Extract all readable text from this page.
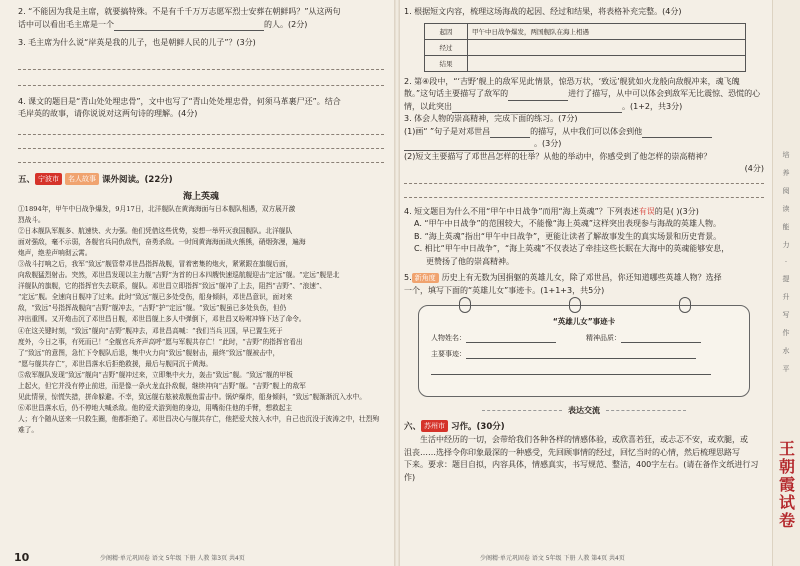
2. “不能因为我是主席，就要搞特殊。不是有千千万万志愿军烈士安葬在朝鲜吗？”从这两句

话中可以看出毛主席是一个	的人。(2分)

3. 毛主席为什么说“岸英是我的儿子，也是朝鲜人民的儿子”？(3分)

4. 课文的题目是“青山处处埋忠骨”，文中也写了“青山处处埋忠骨，何须马革裹尸还”。结合

毛岸英的故事，请你说说对这两句诗的理解。(4分)

五、 宁波市	名人故事 课外阅读。(22分)
海上英魂

①1894年，甲午中日战争爆发，9月17日，北洋舰队在黄海海面与日本舰队相遇，双方展开激
烈战斗。

②日本舰队军舰多、航速快、火力强。他们凭借这些优势，妄想一举歼灭我国舰队。北洋舰队
面对强敌，毫不示弱，各舰官兵同仇敌忾，奋勇杀敌。一时间黄海海面战火熊熊，硝烟弥漫，遍海
炮声，绝差声响彻云霄。

③战斗打响之后，我军“致远”舰管带邓世昌指挥战舰，冒着密集的炮火，紧紧跟在旗舰后面，
向敌舰猛烈射击。突然，邓世昌发现以主力舰“吉野”为首的日本四艘快速巡航舰迎击“定远”舰。“定远”舰是北
洋舰队的旗舰，它的指挥官失去联系，舰队。邓世昌立即指挥“致远”舰冲了上去，阻挡“吉野”、“浪速”、
“定远”舰。全速向日舰冲了过来。此时“致远”舰已多处受伤，船身倾斜，邓世昌意识，面对来
敌，“致远”号指挥战舰向“吉野”舰冲去，“吉野”护“定远”舰。“致远”舰虽已多处负伤，但仍
冲出重围。又开炮击沉了邓世昌日舰，邓世昌舰上多人中弹倒下，邓世昌又吩咐冲锋下达了命令。

④在这关键时刻，“致远”舰向“吉野”舰冲去，邓世昌高喊：“我们当兵卫国，早已置生死于
度外，今日之事，有死而已！”全舰官兵齐声高呼“愿与军舰共存亡！”此时，“吉野”的指挥官看出
了“致远”的意图，急忙下令舰队后退，集中火力向“致远”舰射击，最终“致远”舰被击中，
“愿与舰共存亡”，邓世昌落水后拒绝救援，最后与舰同沉于黄海。

⑤敌军舰队发现“致远”舰向“吉野”舰冲过来，立即集中火力，轰击“致远”舰。“致远”舰的甲板
上起火，但它并没有停止前进，而是像一条火龙直扑敌舰，继续冲向“吉野”舰。“吉野”舰上的敌军
见此情景，惊慌失措，拼命躲避。不幸，致远舰右舷被敌舰鱼雷击中。锅炉爆炸，船身倾斜，“致远”舰渐渐沉入水中。

⑥邓世昌落水后，仍不停地大喊杀敌。他的爱犬游到他的身边，用嘴衔住他的手臂，想救起主
人；有个随从送来一只救生圈，他都拒绝了。邓世昌决心与舰共存亡，他把爱犬按入水中，自己也沉没于波涛之中，壮烈殉难了。

10	少阁精·单元巩固卷 语文 5年级 下册 人教 第3页 共4页

1. 根据短文内容，梳理这场海战的起因、经过和结果，将表格补充完整。(4分)

起因	甲午中日战争爆发，两国舰队在海上相遇
经过	
结果	

2. 第④段中，“‘吉野’舰上的敌军见此情景，惊恐万状，‘致远’舰犹如火龙般向敌舰冲来，魂飞魄

散。”这句话主要描写了敌军的	进行了描写，从中可以体会到敌军无比震惊、恐慌的心

情，以此突出	。(1+2，共3分)

3. 体会人物的崇高精神，完成下面的练习。(7分)

(1)画“ ”句子是对邓世昌	的描写，从中我们可以体会到他

。(3分)

(2)短文主要描写了邓世昌怎样的壮举？从他的举动中，你感受到了他怎样的崇高精神？

(4分)

4. 短文题目为什么不用“甲午中日战争”而用“海上英魂”？下列表述有误的是( )(3分)

A. “甲午中日战争”的范围较大，不能像“海上英魂”这样突出表现参与海战的英雄人物。

B. “海上英魂”指出“甲午中日战争”，更能让读者了解故事发生的真实场景和历史背景。

C. 相比“甲午中日战争”，“海上英魂”不仅表达了牵挂这些长眠在大海中的英魂能够安息，

更赞扬了他的崇高精神。

5. 新角度 历史上有无数为国捐躯的英雄儿女，除了邓世昌，你还知道哪些英雄人物？选择

一个，填写下面的“英雄儿女”事迹卡。(1+1+3，共5分)

“英雄儿女”事迹卡
人物姓名：	精神品质：
主要事迹：
表达交流
六、 苏州市 习作。(30分)

生活中经历的一切，会带给我们各种各样的情感体验，或欣喜若狂，或忐忑不安，或欢腿，或

沮丧……选择令你印象最深的一种感受，先回顾事情的经过，回忆当时的心情，然后梳理思路写

下来。要求：题目自拟，内容具体，情感真实，书写规范、整洁，400字左右。(请在备作文纸进行习作)

少阁精·单元巩固卷 语文 5年级 下册 人教 第4页 共4页
培

养

阅

读

能

力

·

提

升

写

作

水

平
王朝霞试卷
